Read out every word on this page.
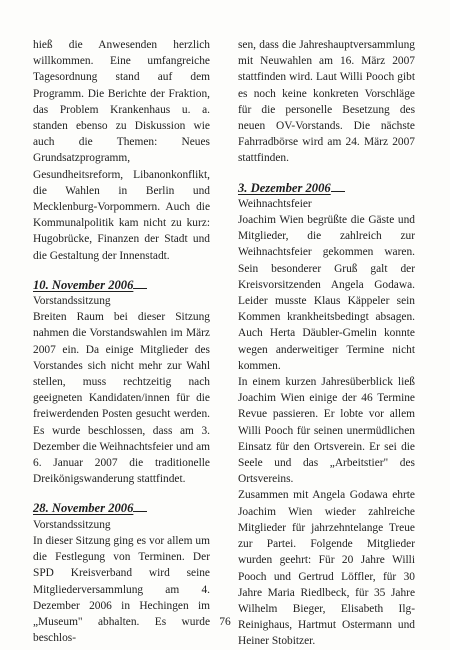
hieß die Anwesenden herzlich willkommen. Eine umfangreiche Tagesordnung stand auf dem Programm. Die Berichte der Fraktion, das Problem Krankenhaus u. a. standen ebenso zu Diskussion wie auch die Themen: Neues Grundsatzprogramm, Gesundheitsreform, Libanonkonflikt, die Wahlen in Berlin und Mecklenburg-Vorpommern. Auch die Kommunalpolitik kam nicht zu kurz: Hugobrücke, Finanzen der Stadt und die Gestaltung der Innenstadt.

10. November 2006

Vorstandssitzung

Breiten Raum bei dieser Sitzung nahmen die Vorstandswahlen im März 2007 ein. Da einige Mitglieder des Vorstandes sich nicht mehr zur Wahl stellen, muss rechtzeitig nach geeigneten Kandidaten/innen für die freiwerdenden Posten gesucht werden. Es wurde beschlossen, dass am 3. Dezember die Weihnachtsfeier und am 6. Januar 2007 die traditionelle Dreikönigswanderung stattfindet.

28. November 2006

Vorstandssitzung

In dieser Sitzung ging es vor allem um die Festlegung von Terminen. Der SPD Kreisverband wird seine Mitgliederversammlung am 4. Dezember 2006 in Hechingen im „Museum" abhalten. Es wurde beschlos-

sen, dass die Jahreshauptversammlung mit Neuwahlen am 16. März 2007 stattfinden wird. Laut Willi Pooch gibt es noch keine konkreten Vorschläge für die personelle Besetzung des neuen OV-Vorstands. Die nächste Fahrradbörse wird am 24. März 2007 stattfinden.

3. Dezember 2006

Weihnachtsfeier

Joachim Wien begrüßte die Gäste und Mitglieder, die zahlreich zur Weihnachtsfeier gekommen waren. Sein besonderer Gruß galt der Kreisvorsitzenden Angela Godawa. Leider musste Klaus Käppeler sein Kommen krankheitsbedingt absagen. Auch Herta Däubler-Gmelin konnte wegen anderweitiger Termine nicht kommen.

In einem kurzen Jahresüberblick ließ Joachim Wien einige der 46 Termine Revue passieren. Er lobte vor allem Willi Pooch für seinen unermüdlichen Einsatz für den Ortsverein. Er sei die Seele und das „Arbeitstier" des Ortsvereins.

Zusammen mit Angela Godawa ehrte Joachim Wien wieder zahlreiche Mitglieder für jahrzehntelange Treue zur Partei. Folgende Mitglieder wurden geehrt: Für 20 Jahre Willi Pooch und Gertrud Löffler, für 30 Jahre Maria Riedlbeck, für 35 Jahre Wilhelm Bieger, Elisabeth Ilg-Reinighaus, Hartmut Ostermann und Heiner Stobitzer.

76
